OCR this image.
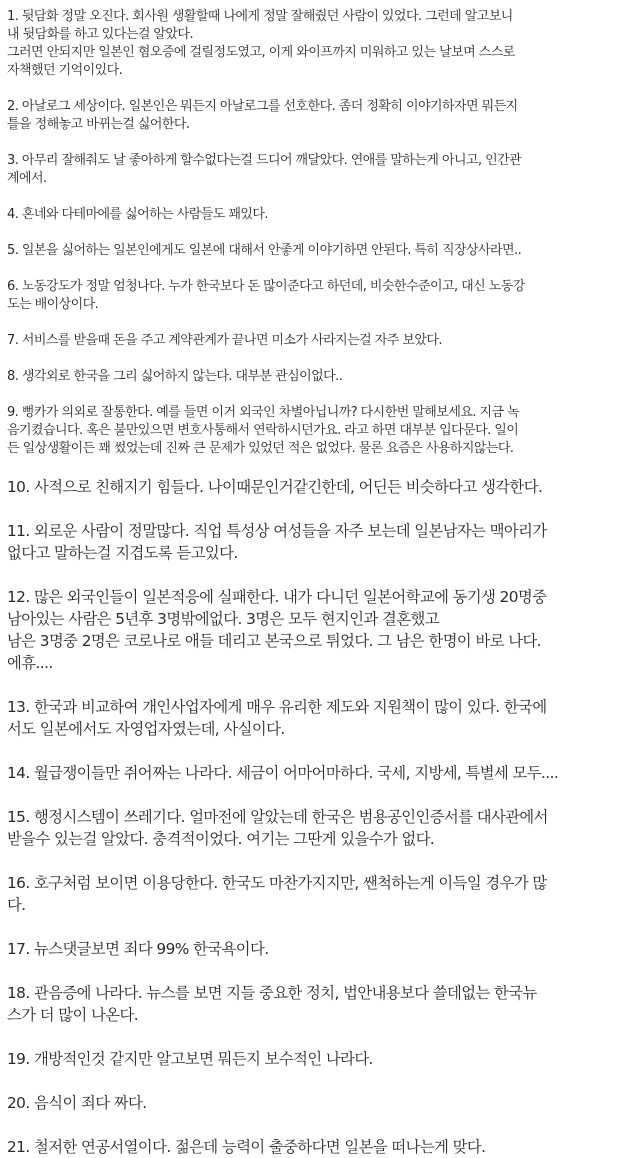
1. 뒷담화 정말 오진다. 회사원 생활할때 나에게 정말 잘해줬던 사람이 있었다. 그런데 알고보니
내 뒷담화를 하고 있다는걸 알았다.
그러면 안되지만 일본인 혐오증에 걸릴정도였고, 이게 와이프까지 미워하고 있는 날보며 스스로
자책했던 기억이있다.

2. 아날로그 세상이다. 일본인은 뭐든지 아날로그를 선호한다. 좀더 정확히 이야기하자면 뭐든지
틀을 정해놓고 바뀌는걸 싫어한다.

3. 아무리 잘해줘도 날 좋아하게 할수없다는걸 드디어 깨달았다. 연애를 말하는게 아니고, 인간관
계에서.

4. 혼네와 다테마에를 싫어하는 사람들도 꽤있다.

5. 일본을 싫어하는 일본인에게도 일본에 대해서 안좋게 이야기하면 안된다. 특히 직장상사라면..

6. 노동강도가 정말 엄청나다. 누가 한국보다 돈 많이준다고 하던데, 비슷한수준이고, 대신 노동강
도는 배이상이다.

7. 서비스를 받을때 돈을 주고 계약관계가 끝나면 미소가 사라지는걸 자주 보았다.

8. 생각외로 한국을 그리 싫어하지 않는다. 대부분 관심이없다..

9. 뻥카가 의외로 잘통한다. 예를 들면 이거 외국인 차별아닙니까? 다시한번 말해보세요. 지금 녹
음기켰습니다. 혹은 불만있으면 변호사통해서 연락하시던가요. 라고 하면 대부분 입다문다. 일이
든 일상생활이든 꽤 썼었는데 진짜 큰 문제가 있었던 적은 없었다. 물론 요즘은 사용하지않는다.

10. 사적으로 친해지기 힘들다. 나이때문인거같긴한데, 어딘든 비슷하다고 생각한다.

11. 외로운 사람이 정말많다. 직업 특성상 여성들을 자주 보는데 일본남자는 맥아리가
없다고 말하는걸 지겹도록 듣고있다.

12. 많은 외국인들이 일본적응에 실패한다. 내가 다니던 일본어학교에 동기생 20명중
남아있는 사람은 5년후 3명밖에없다. 3명은 모두 현지인과 결혼했고
남은 3명중 2명은 코로나로 애들 데리고 본국으로 튀었다. 그 남은 한명이 바로 나다.
에휴....

13. 한국과 비교하여 개인사업자에게 매우 유리한 제도와 지원책이 많이 있다. 한국에
서도 일본에서도 자영업자였는데, 사실이다.

14. 월급쟁이들만 쥐어짜는 나라다. 세금이 어마어마하다. 국세, 지방세, 특별세 모두....

15. 행정시스템이 쓰레기다. 얼마전에 알았는데 한국은 범용공인인증서를 대사관에서
받을수 있는걸 알았다. 충격적이었다. 여기는 그딴게 있을수가 없다.

16. 호구처럼 보이면 이용당한다. 한국도 마찬가지지만, 쌘척하는게 이득일 경우가 많
다.

17. 뉴스댓글보면 죄다 99% 한국욕이다.

18. 관음증에 나라다. 뉴스를 보면 지들 중요한 정치, 법안내용보다 쓸데없는 한국뉴
스가 더 많이 나온다.

19. 개방적인것 같지만 알고보면 뭐든지 보수적인 나라다.

20. 음식이 죄다 짜다.

21. 철저한 연공서열이다. 젊은데 능력이 출중하다면 일본을 떠나는게 맞다.
